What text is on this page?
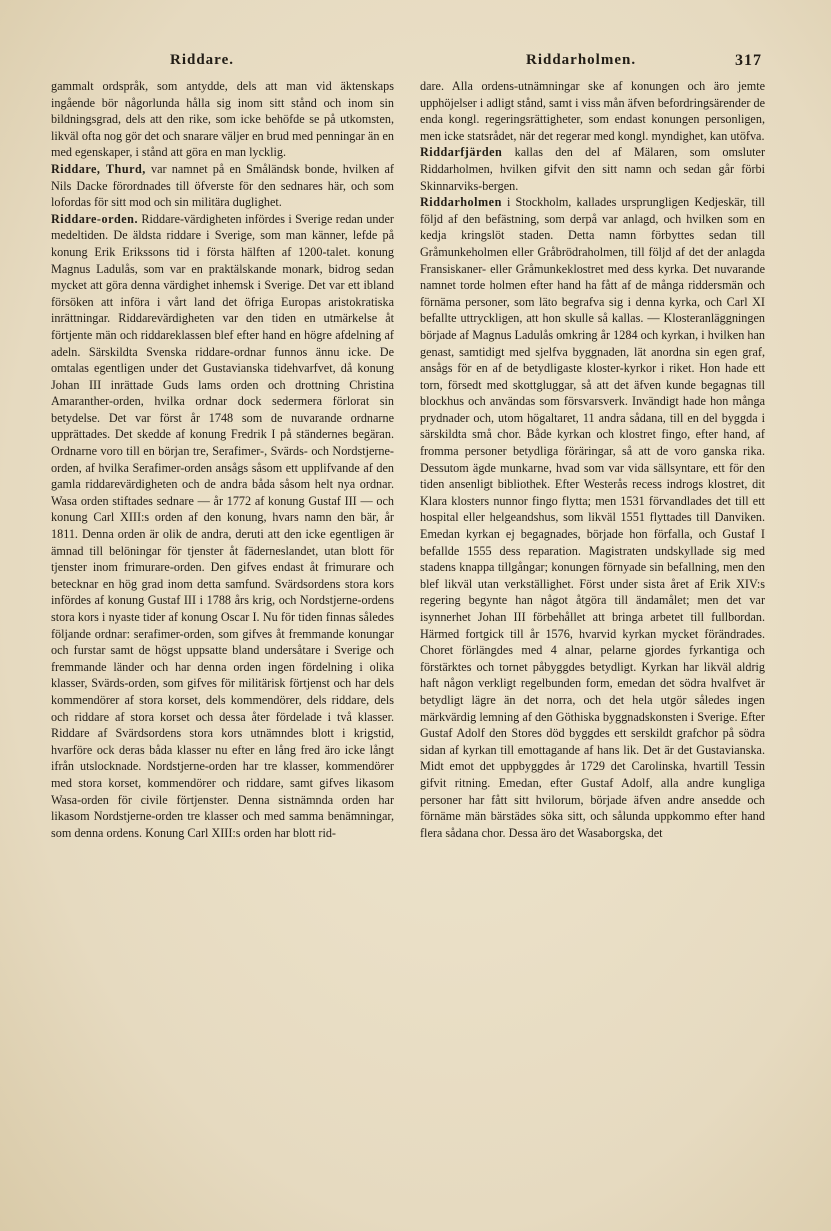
Riddare.	Riddarholmen.	317

gammalt ordspråk, som antydde, dels att man vid äktenskaps ingående bör någorlunda hålla sig inom sitt stånd och inom sin bildningsgrad, dels att den rike, som icke behöfde se på utkomsten, likväl ofta nog gör det och snarare väljer en brud med penningar än en med egenskaper, i stånd att göra en man lycklig.

Riddare, Thurd, var namnet på en Småländsk bonde, hvilken af Nils Dacke förordnades till öfverste för den sednares här, och som lofordas för sitt mod och sin militära duglighet.

Riddare-orden. Riddare-värdigheten infördes i Sverige redan under medeltiden. De äldsta riddare i Sverige, som man känner, lefde på konung Erik Erikssons tid i första hälften af 1200-talet. konung Magnus Ladulås, som var en praktälskande monark, bidrog sedan mycket att göra denna värdighet inhemsk i Sverige. Det var ett ibland försöken att införa i vårt land det öfriga Europas aristokratiska inrättningar. Riddarevärdigheten var den tiden en utmärkelse åt förtjente män och riddareklassen blef efter hand en högre afdelning af adeln. Särskildta Svenska riddare-ordnar funnos ännu icke. De omtalas egentligen under det Gustavianska tidehvarfvet, då konung Johan III inrättade Guds lams orden och drottning Christina Amaranther-orden, hvilka ordnar dock sedermera förlorat sin betydelse. Det var först år 1748 som de nuvarande ordnarne upprättades. Det skedde af konung Fredrik I på ständernes begäran. Ordnarne voro till en början tre, Serafimer-, Svärds- och Nordstjerne-orden, af hvilka Serafimer-orden ansågs såsom ett upplifvande af den gamla riddarevärdigheten och de andra båda såsom helt nya ordnar. Wasa orden stiftades sednare — år 1772 af konung Gustaf III — och konung Carl XIII:s orden af den konung, hvars namn den bär, år 1811. Denna orden är olik de andra, deruti att den icke egentligen är ämnad till belöningar för tjenster åt fäderneslandet, utan blott för tjenster inom frimurare-orden. Den gifves endast åt frimurare och betecknar en hög grad inom detta samfund. Svärdsordens stora kors infördes af konung Gustaf III i 1788 års krig, och Nordstjerne-ordens stora kors i nyaste tider af konung Oscar I. Nu för tiden finnas således följande ordnar: serafimer-orden, som gifves åt fremmande konungar och furstar samt de högst uppsatte bland undersåtare i Sverige och fremmande länder och har denna orden ingen fördelning i olika klasser, Svärds-orden, som gifves för militärisk förtjenst och har dels kommendörer af stora korset, dels kommendörer, dels riddare, dels och riddare af stora korset och dessa åter fördelade i två klasser. Riddare af Svärdsordens stora kors utnämndes blott i krigstid, hvarföre ock deras båda klasser nu efter en lång fred äro icke långt ifrån utslocknade. Nordstjerne-orden har tre klasser, kommendörer med stora korset, kommendörer och riddare, samt gifves likasom Wasa-orden för civile förtjenster. Denna sistnämnda orden har likasom Nordstjerne-orden tre klasser och med samma benämningar, som denna ordens. Konung Carl XIII:s orden har blott rid-

dare. Alla ordens-utnämningar ske af konungen och äro jemte upphöjelser i adligt stånd, samt i viss mån äfven befordringsärender de enda kongl. regeringsrättigheter, som endast konungen personligen, men icke statsrådet, när det regerar med kongl. myndighet, kan utöfva.

Riddarfjärden kallas den del af Mälaren, som omsluter Riddarholmen, hvilken gifvit den sitt namn och sedan går förbi Skinnarviks-bergen.

Riddarholmen i Stockholm, kallades ursprungligen Kedjeskär, till följd af den befästning, som derpå var anlagd, och hvilken som en kedja kringslöt staden. Detta namn förbyttes sedan till Gråmunkeholmen eller Gråbrödraholmen, till följd af det der anlagda Fransiskaner- eller Gråmunkeklostret med dess kyrka. Det nuvarande namnet torde holmen efter hand ha fått af de många riddersmän och förnäma personer, som läto begrafva sig i denna kyrka, och Carl XI befallte uttryckligen, att hon skulle så kallas. — Klosteranläggningen började af Magnus Ladulås omkring år 1284 och kyrkan, i hvilken han genast, samtidigt med sjelfva byggnaden, lät anordna sin egen graf, ansågs för en af de betydligaste kloster-kyrkor i riket. Hon hade ett torn, försedt med skottgluggar, så att det äfven kunde begagnas till blockhus och användas som försvarsverk. Invändigt hade hon många prydnader och, utom högaltaret, 11 andra sådana, till en del byggda i särskildta små chor. Både kyrkan och klostret fingo, efter hand, af fromma personer betydliga föräringar, så att de voro ganska rika. Dessutom ägde munkarne, hvad som var vida sällsyntare, ett för den tiden ansenligt bibliothek. Efter Westerås recess indrogs klostret, dit Klara klosters nunnor fingo flytta; men 1531 förvandlades det till ett hospital eller helgeandshus, som likväl 1551 flyttades till Danviken. Emedan kyrkan ej begagnades, började hon förfalla, och Gustaf I befallde 1555 dess reparation. Magistraten undskyllade sig med stadens knappa tillgångar; konungen förnyade sin befallning, men den blef likväl utan verkställighet. Först under sista året af Erik XIV:s regering begynte han något åtgöra till ändamålet; men det var isynnerhet Johan III förbehållet att bringa arbetet till fullbordan. Härmed fortgick till år 1576, hvarvid kyrkan mycket förändrades. Choret förlängdes med 4 alnar, pelarne gjordes fyrkantiga och förstärktes och tornet påbyggdes betydligt. Kyrkan har likväl aldrig haft någon verkligt regelbunden form, emedan det södra hvalfvet är betydligt lägre än det norra, och det hela utgör således ingen märkvärdig lemning af den Göthiska byggnadskonsten i Sverige. Efter Gustaf Adolf den Stores död byggdes ett serskildt grafchor på södra sidan af kyrkan till emottagande af hans lik. Det är det Gustavianska. Midt emot det uppbyggdes år 1729 det Carolinska, hvartill Tessin gifvit ritning. Emedan, efter Gustaf Adolf, alla andre kungliga personer har fått sitt hvilorum, började äfven andre ansedde och förnäme män bärstädes söka sitt, och sålunda uppkommo efter hand flera sådana chor. Dessa äro det Wasaborgska, det
